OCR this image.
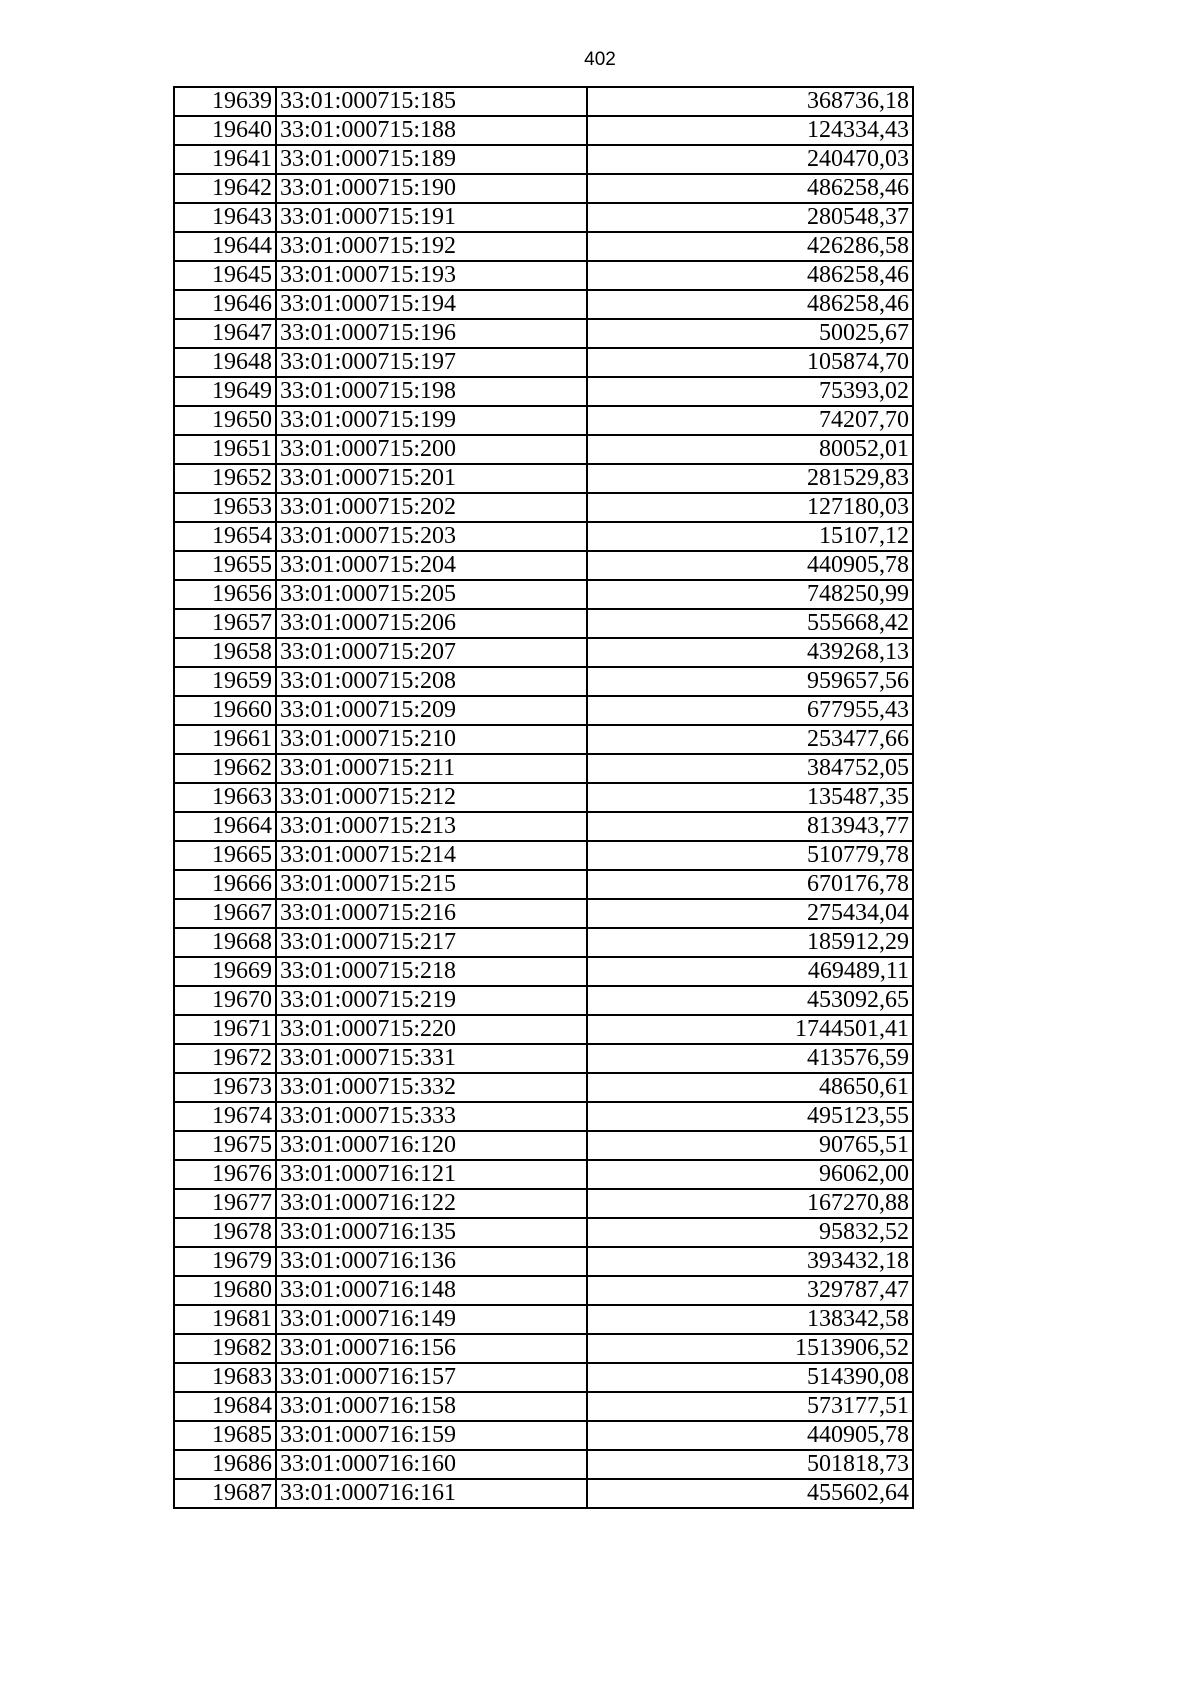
402
19639	33:01:000715:185	368736,18
19640	33:01:000715:188	124334,43
19641	33:01:000715:189	240470,03
19642	33:01:000715:190	486258,46
19643	33:01:000715:191	280548,37
19644	33:01:000715:192	426286,58
19645	33:01:000715:193	486258,46
19646	33:01:000715:194	486258,46
19647	33:01:000715:196	50025,67
19648	33:01:000715:197	105874,70
19649	33:01:000715:198	75393,02
19650	33:01:000715:199	74207,70
19651	33:01:000715:200	80052,01
19652	33:01:000715:201	281529,83
19653	33:01:000715:202	127180,03
19654	33:01:000715:203	15107,12
19655	33:01:000715:204	440905,78
19656	33:01:000715:205	748250,99
19657	33:01:000715:206	555668,42
19658	33:01:000715:207	439268,13
19659	33:01:000715:208	959657,56
19660	33:01:000715:209	677955,43
19661	33:01:000715:210	253477,66
19662	33:01:000715:211	384752,05
19663	33:01:000715:212	135487,35
19664	33:01:000715:213	813943,77
19665	33:01:000715:214	510779,78
19666	33:01:000715:215	670176,78
19667	33:01:000715:216	275434,04
19668	33:01:000715:217	185912,29
19669	33:01:000715:218	469489,11
19670	33:01:000715:219	453092,65
19671	33:01:000715:220	1744501,41
19672	33:01:000715:331	413576,59
19673	33:01:000715:332	48650,61
19674	33:01:000715:333	495123,55
19675	33:01:000716:120	90765,51
19676	33:01:000716:121	96062,00
19677	33:01:000716:122	167270,88
19678	33:01:000716:135	95832,52
19679	33:01:000716:136	393432,18
19680	33:01:000716:148	329787,47
19681	33:01:000716:149	138342,58
19682	33:01:000716:156	1513906,52
19683	33:01:000716:157	514390,08
19684	33:01:000716:158	573177,51
19685	33:01:000716:159	440905,78
19686	33:01:000716:160	501818,73
19687	33:01:000716:161	455602,64
